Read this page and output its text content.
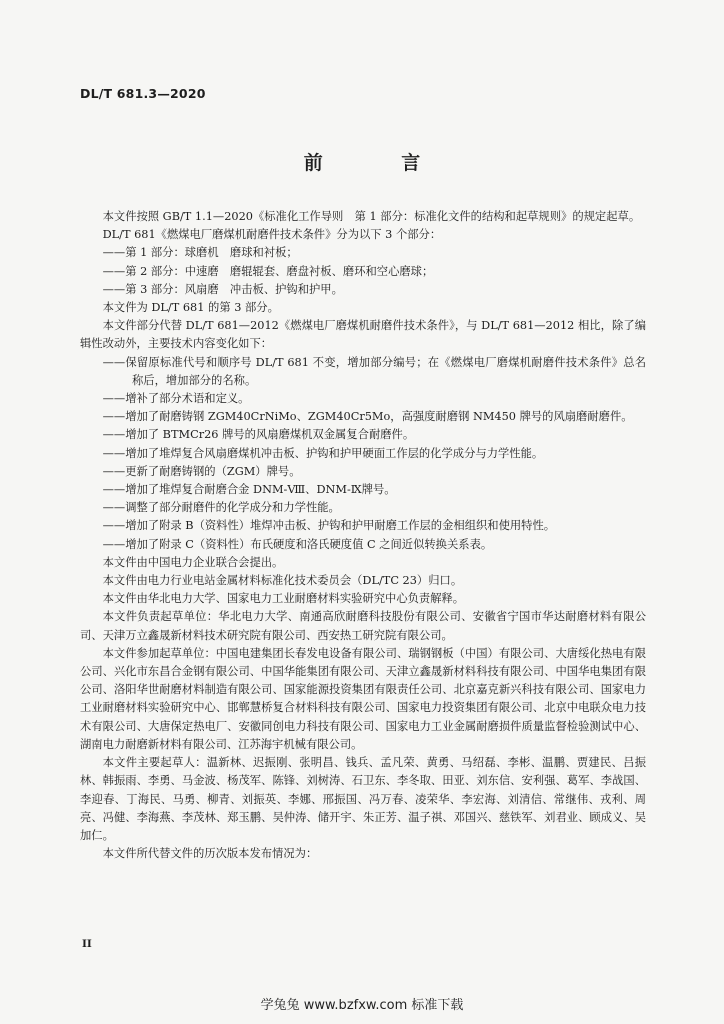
DL/T 681.3—2020
前 言

本文件按照 GB/T 1.1—2020《标准化工作导则　第 1 部分：标准化文件的结构和起草规则》的规定起草。

DL/T 681《燃煤电厂磨煤机耐磨件技术条件》分为以下 3 个部分：

——第 1 部分：球磨机　磨球和衬板；

——第 2 部分：中速磨　磨辊辊套、磨盘衬板、磨环和空心磨球；

——第 3 部分：风扇磨　冲击板、护钩和护甲。

本文件为 DL/T 681 的第 3 部分。

本文件部分代替 DL/T 681—2012《燃煤电厂磨煤机耐磨件技术条件》，与 DL/T 681—2012 相比，除了编辑性改动外，主要技术内容变化如下：

——保留原标准代号和顺序号 DL/T 681 不变，增加部分编号；在《燃煤电厂磨煤机耐磨件技术条件》总名称后，增加部分的名称。

——增补了部分术语和定义。

——增加了耐磨铸钢 ZGM40CrNiMo、ZGM40Cr5Mo，高强度耐磨钢 NM450 牌号的风扇磨耐磨件。

——增加了 BTMCr26 牌号的风扇磨煤机双金属复合耐磨件。

——增加了堆焊复合风扇磨煤机冲击板、护钩和护甲硬面工作层的化学成分与力学性能。

——更新了耐磨铸钢的（ZGM）牌号。

——增加了堆焊复合耐磨合金 DNM-Ⅷ、DNM-Ⅸ牌号。

——调整了部分耐磨件的化学成分和力学性能。

——增加了附录 B（资料性）堆焊冲击板、护钩和护甲耐磨工作层的金相组织和使用特性。

——增加了附录 C（资料性）布氏硬度和洛氏硬度值 C 之间近似转换关系表。

本文件由中国电力企业联合会提出。

本文件由电力行业电站金属材料标准化技术委员会（DL/TC 23）归口。

本文件由华北电力大学、国家电力工业耐磨材料实验研究中心负责解释。

本文件负责起草单位：华北电力大学、南通高欣耐磨科技股份有限公司、安徽省宁国市华达耐磨材料有限公司、天津万立鑫晟新材料技术研究院有限公司、西安热工研究院有限公司。

本文件参加起草单位：中国电建集团长春发电设备有限公司、瑞钢钢板（中国）有限公司、大唐绥化热电有限公司、兴化市东昌合金钢有限公司、中国华能集团有限公司、天津立鑫晟新材料科技有限公司、中国华电集团有限公司、洛阳华世耐磨材料制造有限公司、国家能源投资集团有限责任公司、北京嘉克新兴科技有限公司、国家电力工业耐磨材料实验研究中心、邯郸慧桥复合材料科技有限公司、国家电力投资集团有限公司、北京中电联众电力技术有限公司、大唐保定热电厂、安徽同创电力科技有限公司、国家电力工业金属耐磨损件质量监督检验测试中心、湖南电力耐磨新材料有限公司、江苏海宇机械有限公司。

本文件主要起草人：温新林、迟振刚、张明昌、钱兵、孟凡荣、黄勇、马绍磊、李彬、温鹏、贾建民、吕振林、韩振雨、李勇、马金波、杨茂军、陈锋、刘树涛、石卫东、李冬取、田亚、刘东信、安利强、葛军、李战国、李迎春、丁海民、马勇、柳青、刘振英、李娜、邢振国、冯万春、凌荣华、李宏海、刘清信、常继伟、戎利、周亮、冯健、李海燕、李茂林、郑玉鹏、吴仲涛、储开宇、朱正芳、温子祺、邓国兴、慈铁军、刘君业、顾成义、吴加仁。

本文件所代替文件的历次版本发布情况为：

II
学兔兔 www.bzfxw.com 标准下载
